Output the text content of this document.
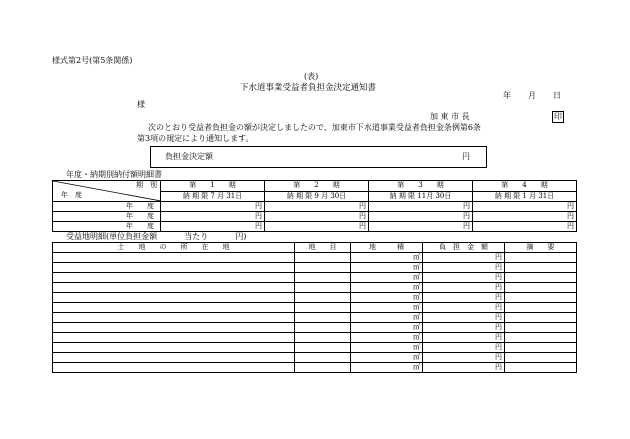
様式第2号(第5条関係)
(表)
下水道事業受益者負担金決定通知書
年 月 日
様
加 東 市 長	印
次のとおり受益者負担金の額が決定しましたので、加東市下水道事業受益者負担金条例第6条
第3項の規定により通知します。
負担金決定額	円
年度・納期別納付額明細書
期　別
年　度	第　　1　　期	第　　2　　期	第　　3　　期	第　　4　　期
	納 期 限 7 月 31日	納 期 限 9 月 30日	納 期 限 11月 30日	納 期 限 1 月 31日
年　　度	円	円	円	円
年　　度	円	円	円	円
年　　度	円	円	円	円
受益地明細(単位負担金額	当たり	円)
土　　地　　の　　所　　在　　地	地　　目	地　　　積	負　担　金　額	摘　　要
		㎡	円	
		㎡	円	
		㎡	円	
		㎡	円	
		㎡	円	
		㎡	円	
		㎡	円	
		㎡	円	
		㎡	円	
		㎡	円	
		㎡	円	
		㎡	円	
